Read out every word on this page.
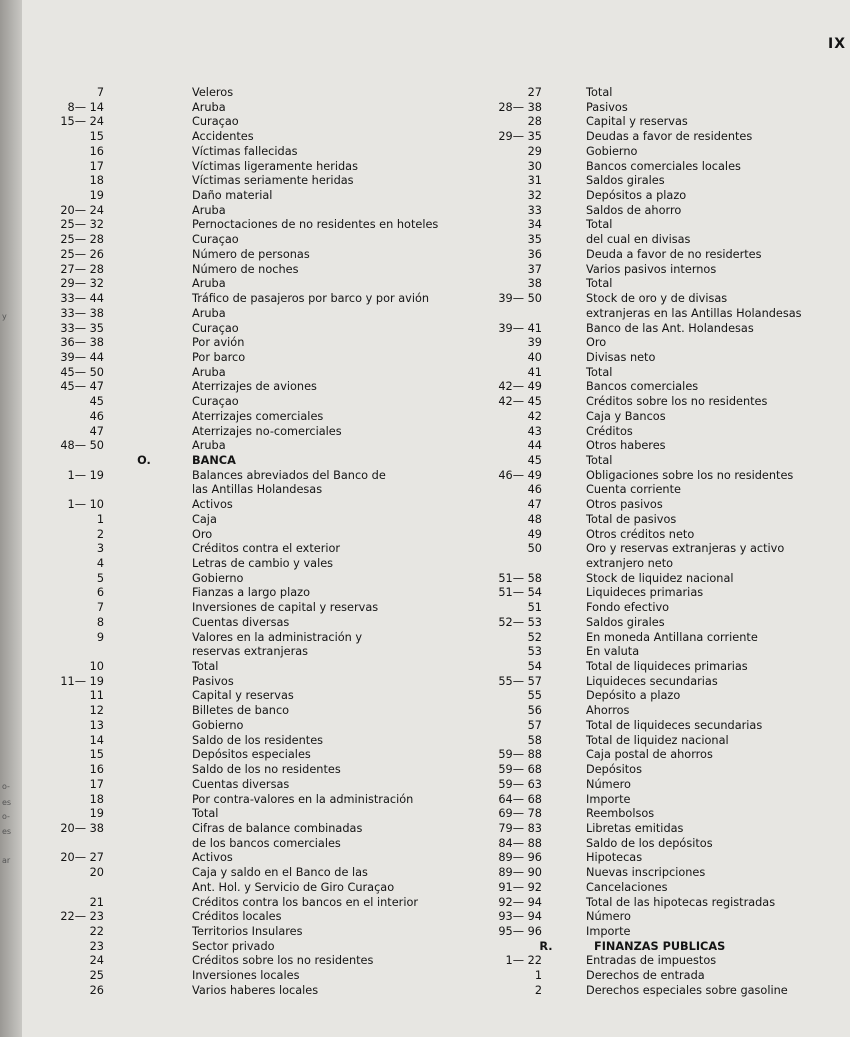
y
o-
es
o-
es
ar
IX
7	Veleros
8— 14	Aruba
15— 24	Curaçao
15	Accidentes
16	Víctimas fallecidas
17	Víctimas ligeramente heridas
18	Víctimas seriamente heridas
19	Daño material
20— 24	Aruba
25— 32	Pernoctaciones de no residentes en hoteles
25— 28	Curaçao
25— 26	Número de personas
27— 28	Número de noches
29— 32	Aruba
33— 44	Tráfico de pasajeros por barco y por avión
33— 38	Aruba
33— 35	Curaçao
36— 38	Por avión
39— 44	Por barco
45— 50	Aruba
45— 47	Aterrizajes de aviones
45	Curaçao
46	Aterrizajes comerciales
47	Aterrizajes no-comerciales
48— 50	Aruba
O.	BANCA
1— 19	Balances abreviados del Banco de
las Antillas Holandesas
1— 10	Activos
1	Caja
2	Oro
3	Créditos contra el exterior
4	Letras de cambio y vales
5	Gobierno
6	Fianzas a largo plazo
7	Inversiones de capital y reservas
8	Cuentas diversas
9	Valores en la administración y
reservas extranjeras
10	Total
11— 19	Pasivos
11	Capital y reservas
12	Billetes de banco
13	Gobierno
14	Saldo de los residentes
15	Depósitos especiales
16	Saldo de los no residentes
17	Cuentas diversas
18	Por contra-valores en la administración
19	Total
20— 38	Cifras de balance combinadas
de los bancos comerciales
20— 27	Activos
20	Caja y saldo en el Banco de las
Ant. Hol. y Servicio de Giro Curaçao
21	Créditos contra los bancos en el interior
22— 23	Créditos locales
22	Territorios Insulares
23	Sector privado
24	Créditos sobre los no residentes
25	Inversiones locales
26	Varios haberes locales
27	Total
28— 38	Pasivos
28	Capital y reservas
29— 35	Deudas a favor de residentes
29	Gobierno
30	Bancos comerciales locales
31	Saldos girales
32	Depósitos a plazo
33	Saldos de ahorro
34	Total
35	del cual en divisas
36	Deuda a favor de no residertes
37	Varios pasivos internos
38	Total
39— 50	Stock de oro y de divisas
extranjeras en las Antillas Holandesas
39— 41	Banco de las Ant. Holandesas
39	Oro
40	Divisas neto
41	Total
42— 49	Bancos comerciales
42— 45	Créditos sobre los no residentes
42	Caja y Bancos
43	Créditos
44	Otros haberes
45	Total
46— 49	Obligaciones sobre los no residentes
46	Cuenta corriente
47	Otros pasivos
48	Total de pasivos
49	Otros créditos neto
50	Oro y reservas extranjeras y activo
extranjero neto
51— 58	Stock de liquidez nacional
51— 54	Liquideces primarias
51	Fondo efectivo
52— 53	Saldos girales
52	En moneda Antillana corriente
53	En valuta
54	Total de liquideces primarias
55— 57	Liquideces secundarias
55	Depósito a plazo
56	Ahorros
57	Total de liquideces secundarias
58	Total de liquidez nacional
59— 88	Caja postal de ahorros
59— 68	Depósitos
59— 63	Número
64— 68	Importe
69— 78	Reembolsos
79— 83	Libretas emitidas
84— 88	Saldo de los depósitos
89— 96	Hipotecas
89— 90	Nuevas inscripciones
91— 92	Cancelaciones
92— 94	Total de las hipotecas registradas
93— 94	Número
95— 96	Importe
R.	FINANZAS PUBLICAS
1— 22	Entradas de impuestos
1	Derechos de entrada
2	Derechos especiales sobre gasoline
